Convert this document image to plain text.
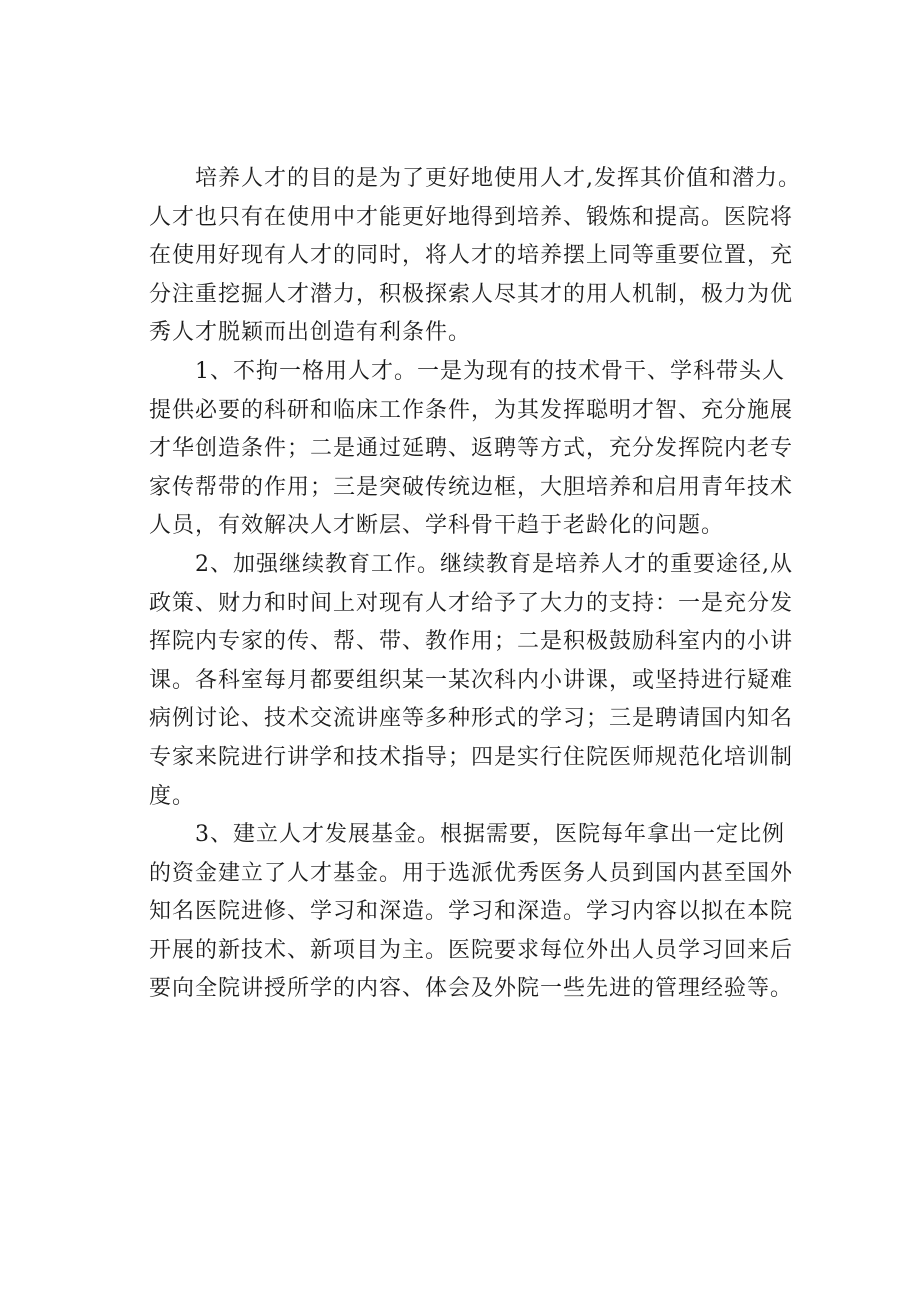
培养人才的目的是为了更好地使用人才,发挥其价值和潜力。
人才也只有在使用中才能更好地得到培养、锻炼和提高。医院将
在使用好现有人才的同时，将人才的培养摆上同等重要位置，充
分注重挖掘人才潜力，积极探索人尽其才的用人机制，极力为优
秀人才脱颖而出创造有利条件。
1、不拘一格用人才。一是为现有的技术骨干、学科带头人
提供必要的科研和临床工作条件，为其发挥聪明才智、充分施展
才华创造条件；二是通过延聘、返聘等方式，充分发挥院内老专
家传帮带的作用；三是突破传统边框，大胆培养和启用青年技术
人员，有效解决人才断层、学科骨干趋于老龄化的问题。
2、加强继续教育工作。继续教育是培养人才的重要途径,从
政策、财力和时间上对现有人才给予了大力的支持：一是充分发
挥院内专家的传、帮、带、教作用；二是积极鼓励科室内的小讲
课。各科室每月都要组织某一某次科内小讲课，或坚持进行疑难
病例讨论、技术交流讲座等多种形式的学习；三是聘请国内知名
专家来院进行讲学和技术指导；四是实行住院医师规范化培训制
度。
3、建立人才发展基金。根据需要，医院每年拿出一定比例
的资金建立了人才基金。用于选派优秀医务人员到国内甚至国外
知名医院进修、学习和深造。学习和深造。学习内容以拟在本院
开展的新技术、新项目为主。医院要求每位外出人员学习回来后
要向全院讲授所学的内容、体会及外院一些先进的管理经验等。
